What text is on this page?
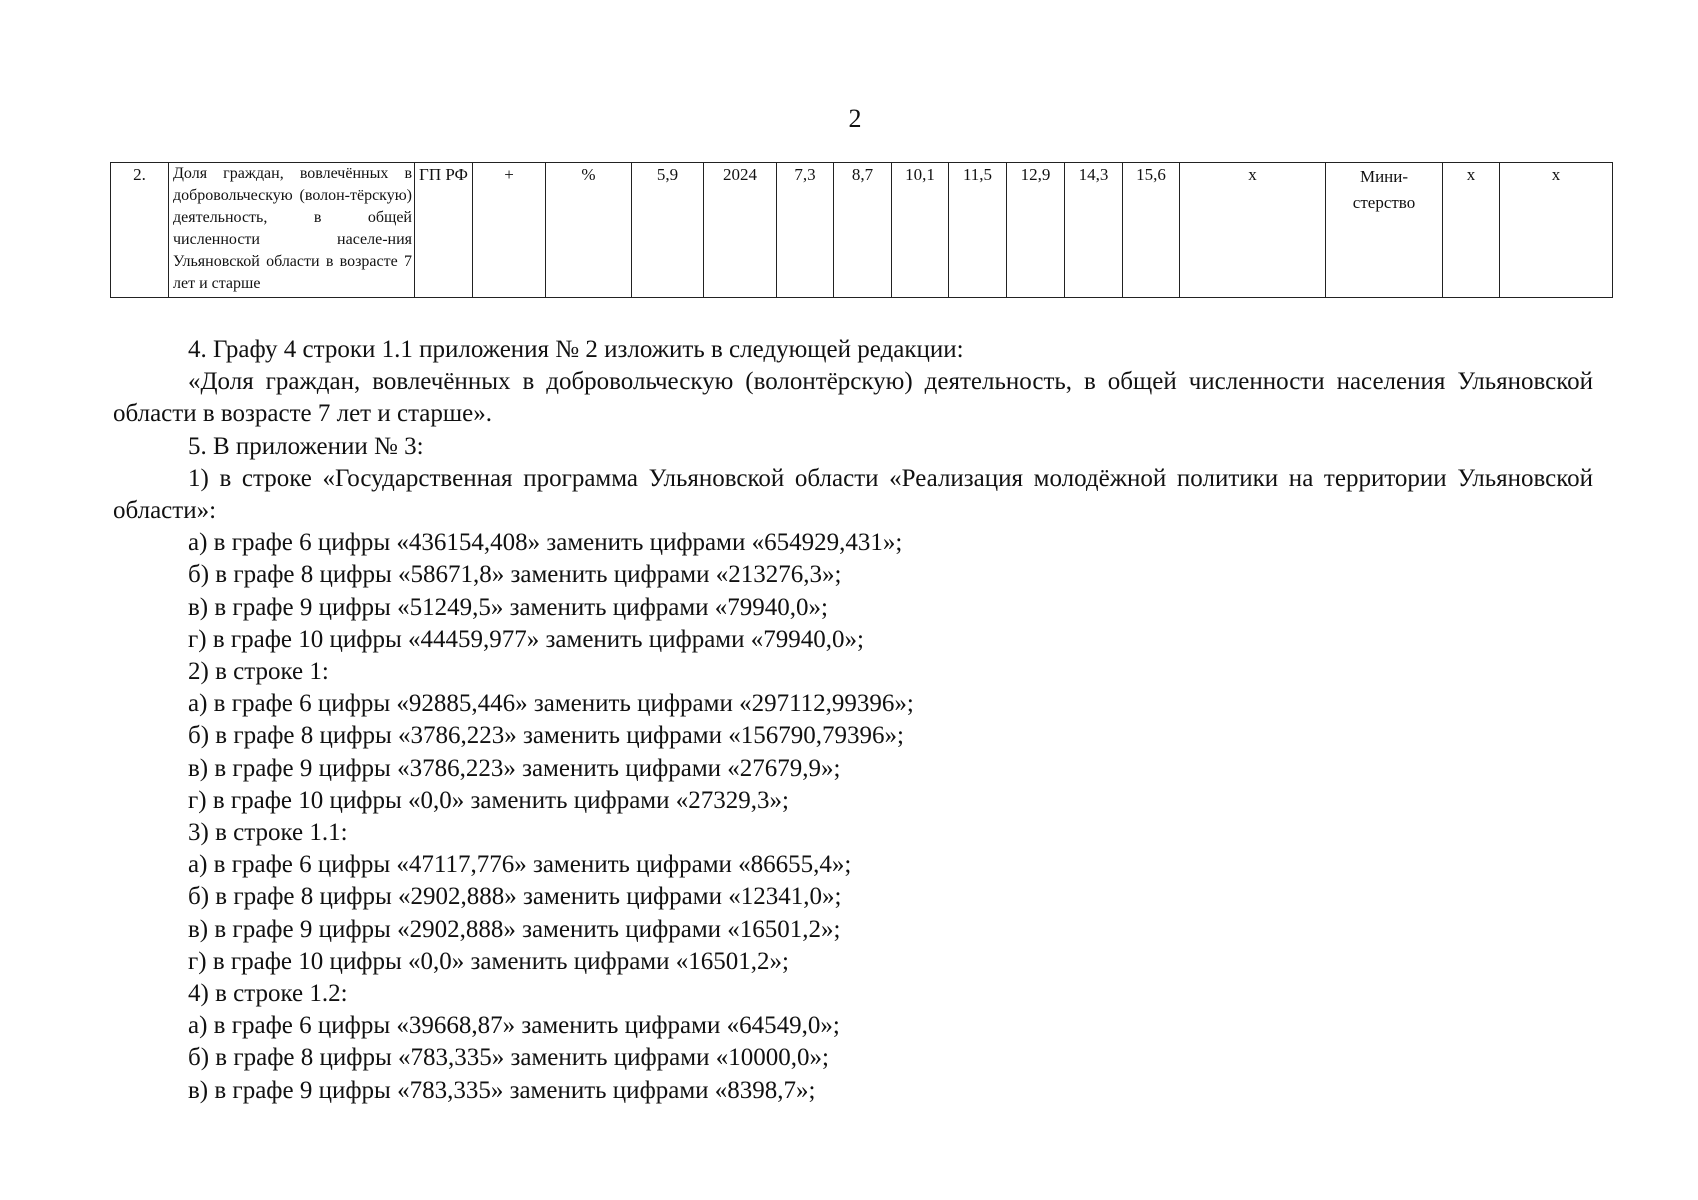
2
2.	Доля граждан, вовлечённых в добровольческую (волон-тёрскую) деятельность, в общей численности населе-ния Ульяновской области в возрасте 7 лет и старше	ГП РФ	+	%	5,9	2024	7,3	8,7	10,1	11,5	12,9	14,3	15,6	х	Мини-стерство	х	х

4. Графу 4 строки 1.1 приложения № 2 изложить в следующей редакции:

«Доля граждан, вовлечённых в добровольческую (волонтёрскую) деятельность, в общей численности населения Ульяновской области в возрасте 7 лет и старше».

5. В приложении № 3:

1) в строке «Государственная программа Ульяновской области «Реализация молодёжной политики на территории Ульяновской области»:

а) в графе 6 цифры «436154,408» заменить цифрами «654929,431»;

б) в графе 8 цифры «58671,8» заменить цифрами «213276,3»;

в) в графе 9 цифры «51249,5» заменить цифрами «79940,0»;

г) в графе 10 цифры «44459,977» заменить цифрами «79940,0»;

2) в строке 1:

а) в графе 6 цифры «92885,446» заменить цифрами «297112,99396»;

б) в графе 8 цифры «3786,223» заменить цифрами «156790,79396»;

в) в графе 9 цифры «3786,223» заменить цифрами «27679,9»;

г) в графе 10 цифры «0,0» заменить цифрами «27329,3»;

3) в строке 1.1:

а) в графе 6 цифры «47117,776» заменить цифрами «86655,4»;

б) в графе 8 цифры «2902,888» заменить цифрами «12341,0»;

в) в графе 9 цифры «2902,888» заменить цифрами «16501,2»;

г) в графе 10 цифры «0,0» заменить цифрами «16501,2»;

4) в строке 1.2:

а) в графе 6 цифры «39668,87» заменить цифрами «64549,0»;

б) в графе 8 цифры «783,335» заменить цифрами «10000,0»;

в) в графе 9 цифры «783,335» заменить цифрами «8398,7»;
